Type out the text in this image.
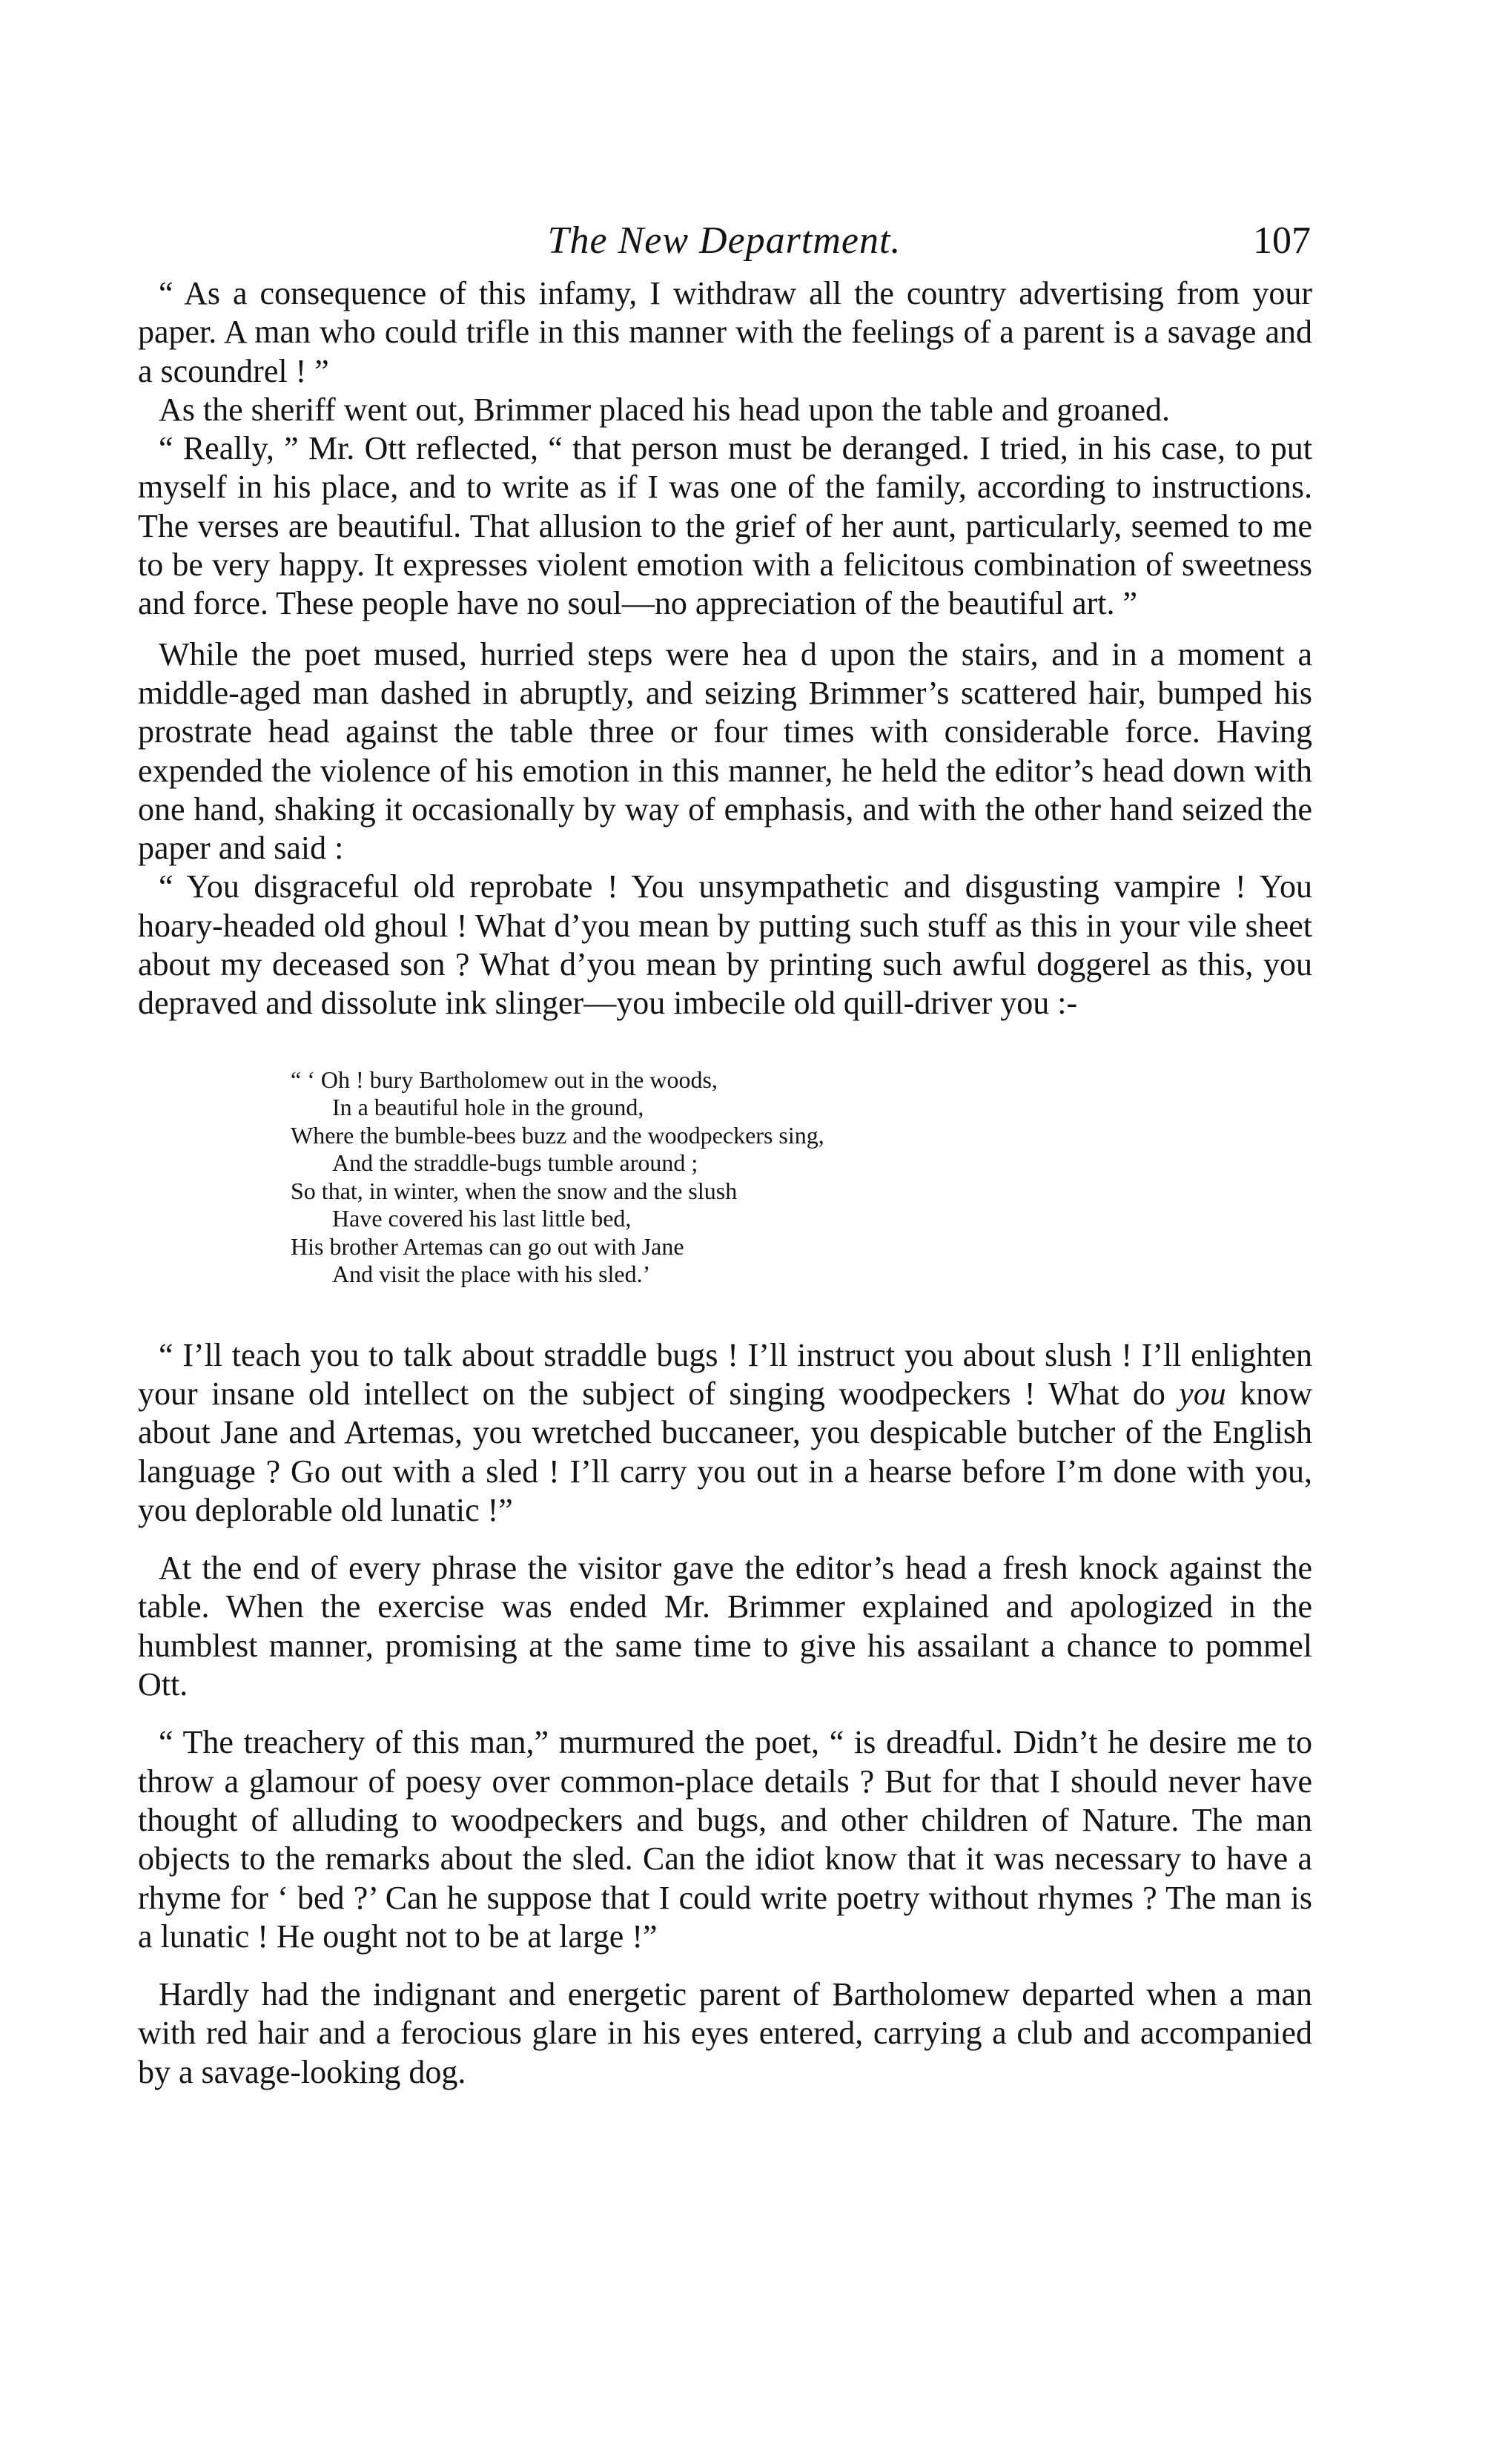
The New Department.	107

“ As a consequence of this infamy, I withdraw all the country advertising from your paper. A man who could trifle in this manner with the feelings of a parent is a savage and a scoundrel ! ”

As the sheriff went out, Brimmer placed his head upon the table and groaned.

“ Really, ” Mr. Ott reflected, “ that person must be deranged. I tried, in his case, to put myself in his place, and to write as if I was one of the family, according to instructions. The verses are beautiful. That allusion to the grief of her aunt, particularly, seemed to me to be very happy. It expresses violent emotion with a felicitous combination of sweetness and force. These people have no soul—no appreciation of the beautiful art. ”

While the poet mused, hurried steps were hea d upon the stairs, and in a moment a middle-aged man dashed in abruptly, and seizing Brimmer’s scattered hair, bumped his prostrate head against the table three or four times with considerable force. Having expended the violence of his emotion in this manner, he held the editor’s head down with one hand, shaking it occasionally by way of emphasis, and with the other hand seized the paper and said :

“ You disgraceful old reprobate ! You unsympathetic and disgusting vampire ! You hoary-headed old ghoul ! What d’you mean by putting such stuff as this in your vile sheet about my deceased son ? What d’you mean by printing such awful doggerel as this, you depraved and dissolute ink slinger—you imbecile old quill-driver you :-

“ ‘ Oh ! bury Bartholomew out in the woods,
In a beautiful hole in the ground,
Where the bumble-bees buzz and the woodpeckers sing,
And the straddle-bugs tumble around ;
So that, in winter, when the snow and the slush
Have covered his last little bed,
His brother Artemas can go out with Jane
And visit the place with his sled.’

“ I’ll teach you to talk about straddle bugs ! I’ll instruct you about slush ! I’ll enlighten your insane old intellect on the subject of singing woodpeckers ! What do you know about Jane and Artemas, you wretched buccaneer, you despicable butcher of the English language ? Go out with a sled ! I’ll carry you out in a hearse before I’m done with you, you deplorable old lunatic !”

At the end of every phrase the visitor gave the editor’s head a fresh knock against the table. When the exercise was ended Mr. Brimmer explained and apologized in the humblest manner, promising at the same time to give his assailant a chance to pommel Ott.

“ The treachery of this man,” murmured the poet, “ is dreadful. Didn’t he desire me to throw a glamour of poesy over common-place details ? But for that I should never have thought of alluding to woodpeckers and bugs, and other children of Nature. The man objects to the remarks about the sled. Can the idiot know that it was necessary to have a rhyme for ‘ bed ?’ Can he suppose that I could write poetry without rhymes ? The man is a lunatic ! He ought not to be at large !”

Hardly had the indignant and energetic parent of Bartholomew departed when a man with red hair and a ferocious glare in his eyes entered, carrying a club and accompanied by a savage-looking dog.
